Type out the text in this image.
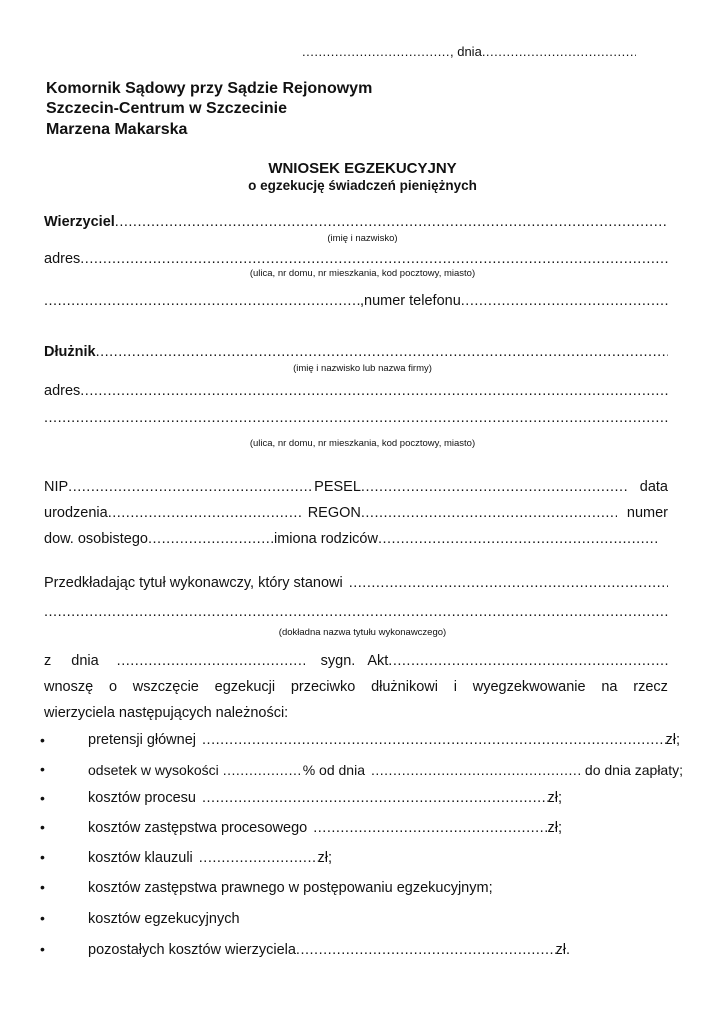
....., dnia.....
Komornik Sądowy przy Sądzie Rejonowym
Szczecin-Centrum w Szczecinie
Marzena Makarska
WNIOSEK EGZEKUCYJNY
o egzekucję świadczeń pieniężnych
Wierzyciel
.....
(imię i nazwisko)
adres
.....
(ulica, nr domu, nr mieszkania, kod pocztowy, miasto)
.....
,numer telefonu
.....
Dłużnik
.....
(imię i nazwisko lub nazwa firmy)
adres
.....
.....
(ulica, nr domu, nr mieszkania, kod pocztowy, miasto)
NIP .....	PESEL .....	data
urodzenia .....	REGON .....	numer
dow. osobistego .....	imiona rodziców
.....
Przedkładając tytuł wykonawczy, który stanowi
.....
.....
(dokładna nazwa tytułu wykonawczego)
z dnia .....	sygn. Akt
.....
wnoszę o wszczęcie egzekucji przeciwko dłużnikowi i wyegzekwowanie na rzecz
wierzyciela następujących należności:
•	pretensji głównej .....	zł;
•	odsetek w wysokości .....	% od dnia .....	do dnia zapłaty;
•	kosztów procesu .....	zł;
•	kosztów zastępstwa procesowego .....	zł;
•	kosztów klauzuli .....	zł;
•	kosztów zastępstwa prawnego w postępowaniu egzekucyjnym;
•	kosztów egzekucyjnych
•	pozostałych kosztów wierzyciela .....	zł.
